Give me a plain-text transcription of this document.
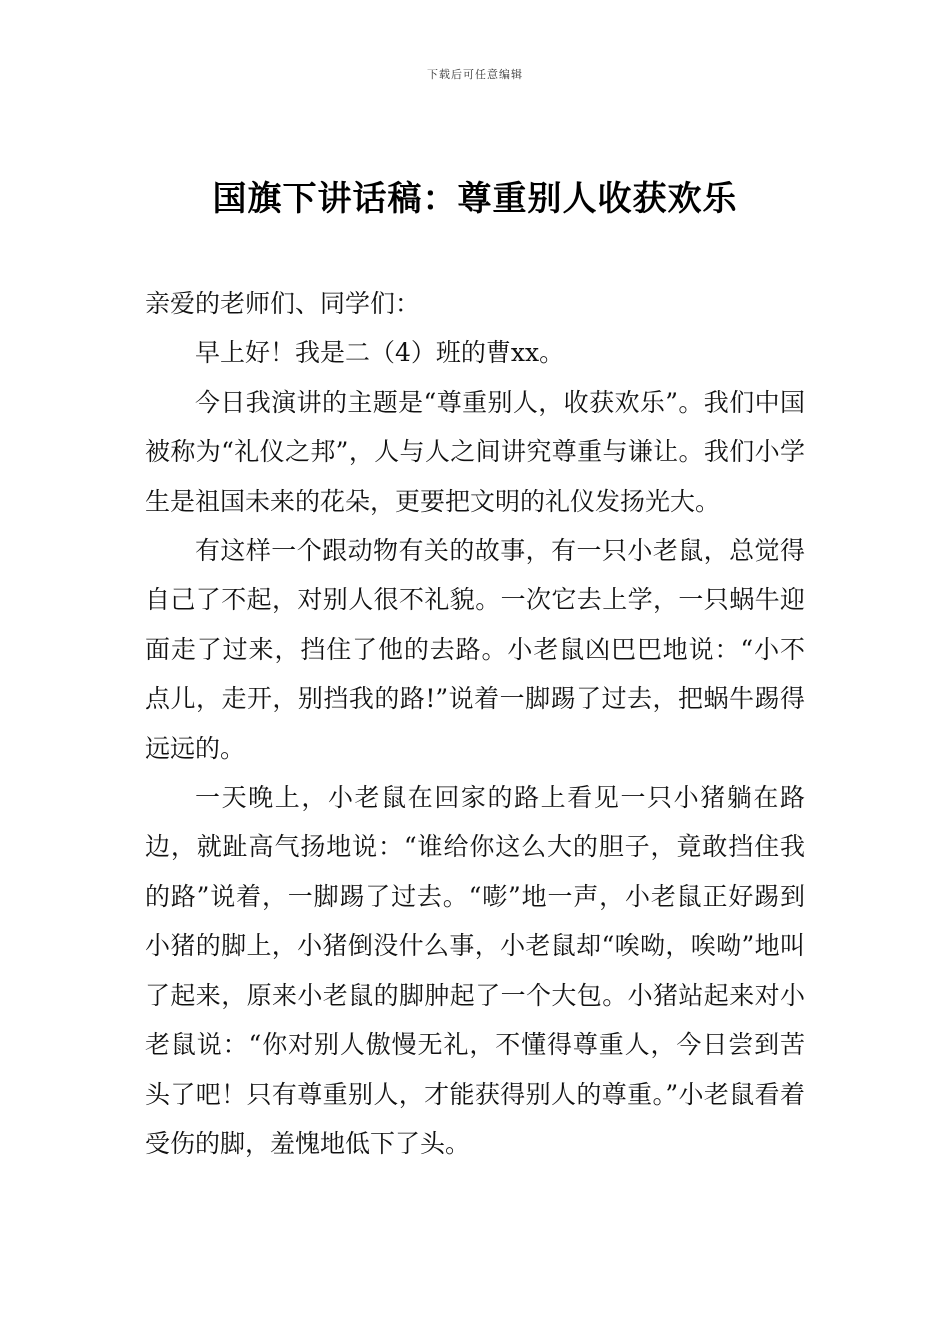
下载后可任意编辑
国旗下讲话稿：尊重别人收获欢乐

亲爱的老师们、同学们：

早上好！我是二（4）班的曹xx。

今日我演讲的主题是“尊重别人，收获欢乐”。我们中国被称为“礼仪之邦”，人与人之间讲究尊重与谦让。我们小学生是祖国未来的花朵，更要把文明的礼仪发扬光大。

有这样一个跟动物有关的故事，有一只小老鼠，总觉得自己了不起，对别人很不礼貌。一次它去上学，一只蜗牛迎面走了过来，挡住了他的去路。小老鼠凶巴巴地说：“小不点儿，走开，别挡我的路!”说着一脚踢了过去，把蜗牛踢得远远的。

一天晚上，小老鼠在回家的路上看见一只小猪躺在路边，就趾高气扬地说：“谁给你这么大的胆子，竟敢挡住我的路”说着，一脚踢了过去。“嘭”地一声，小老鼠正好踢到小猪的脚上，小猪倒没什么事，小老鼠却“唉呦，唉呦”地叫了起来，原来小老鼠的脚肿起了一个大包。小猪站起来对小老鼠说：“你对别人傲慢无礼，不懂得尊重人，今日尝到苦头了吧！只有尊重别人，才能获得别人的尊重。”小老鼠看着受伤的脚，羞愧地低下了头。
